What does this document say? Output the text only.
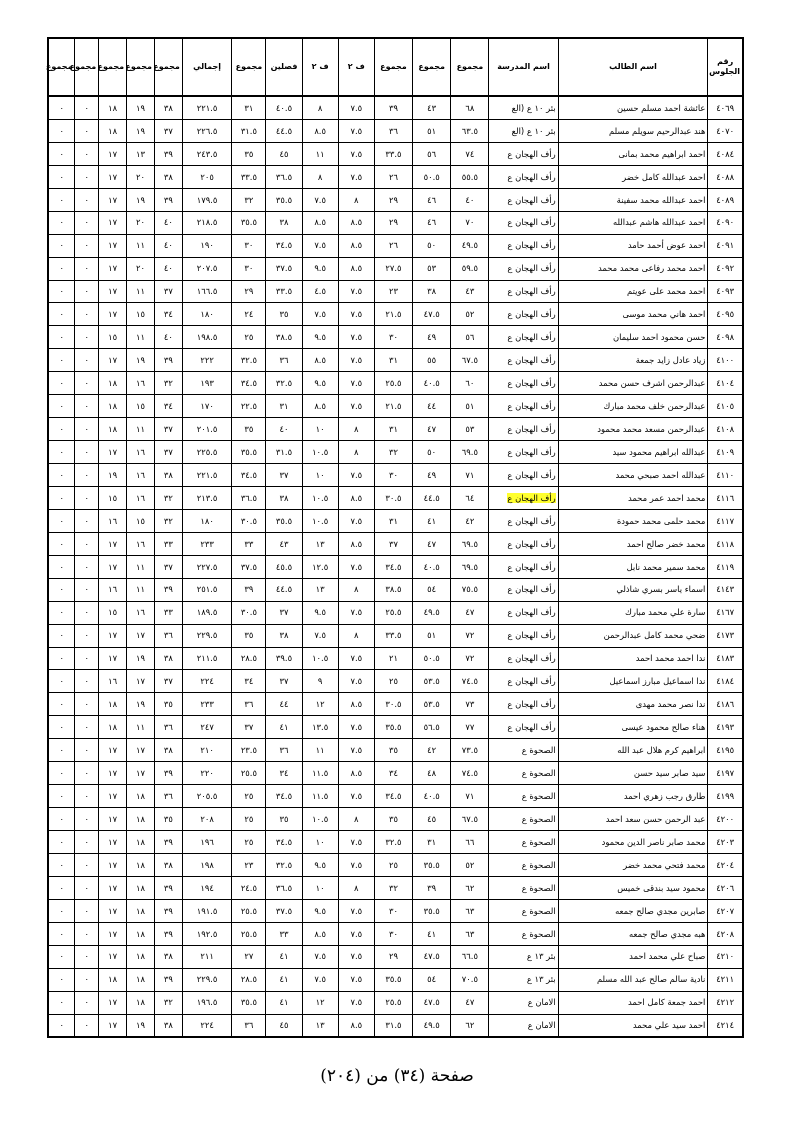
رقم الجلوس	اسم الطالب	اسم المدرسة	مجموع	مجموع	مجموع	ف ٢	ف ٢	فصلين	مجموع	إجمالي	مجموع	مجموع	مجموع	مجموع	مجموع
٤٠٦٩	عائشة احمد مسلم حسين	بئر ١٠ ع (الع	٦٨	٤٣	٣٩	٧.٥	٨	٤٠.٥	٣١	٢٢١.٥	٣٨	١٩	١٨	٠	٠
٤٠٧٠	هند عبدالرحيم سويلم مسلم	بئر ١٠ ع (الع	٦٣.٥	٥١	٣٦	٧.٥	٨.٥	٤٤.٥	٣١.٥	٢٢٦.٥	٣٧	١٩	١٨	٠	٠
٤٠٨٤	احمد ابراهيم محمد بمانى	رأف الهجان ع	٧٤	٥٦	٣٣.٥	٧.٥	١١	٤٥	٣٥	٢٤٣.٥	٣٩	١٣	١٧	٠	٠
٤٠٨٨	احمد عبدالله كامل خضر	رأف الهجان ع	٥٥.٥	٥٠.٥	٢٦	٧.٥	٨	٣٦.٥	٣٣.٥	٢٠٥	٣٨	٢٠	١٧	٠	٠
٤٠٨٩	احمد عبدالله محمد سفينة	رأف الهجان ع	٤٠	٤٦	٢٩	٨	٧.٥	٣٥.٥	٣٢	١٧٩.٥	٣٩	١٩	١٧	٠	٠
٤٠٩٠	احمد عبدالله هاشم عبدالله	رأف الهجان ع	٧٠	٤٦	٢٩	٨.٥	٨.٥	٣٨	٣٥.٥	٢١٨.٥	٤٠	٢٠	١٧	٠	٠
٤٠٩١	احمد عوض أحمد حامد	رأف الهجان ع	٤٩.٥	٥٠	٢٦	٨.٥	٧.٥	٣٤.٥	٣٠	١٩٠	٤٠	١١	١٧	٠	٠
٤٠٩٢	احمد محمد رفاعى محمد محمد	رأف الهجان ع	٥٩.٥	٥٣	٢٧.٥	٨.٥	٩.٥	٣٧.٥	٣٠	٢٠٧.٥	٤٠	٢٠	١٧	٠	٠
٤٠٩٣	احمد محمد على عويتم	رأف الهجان ع	٤٣	٣٨	٢٣	٧.٥	٤.٥	٣٣.٥	٢٩	١٦٦.٥	٣٧	١١	١٧	٠	٠
٤٠٩٥	احمد هاني محمد موسى	رأف الهجان ع	٥٢	٤٧.٥	٢١.٥	٧.٥	٧.٥	٣٥	٢٤	١٨٠	٣٤	١٥	١٧	٠	٠
٤٠٩٨	حسن محمود احمد سليمان	رأف الهجان ع	٥٦	٤٩	٣٠	٧.٥	٩.٥	٣٨.٥	٢٥	١٩٨.٥	٤٠	١١	١٥	٠	٠
٤١٠٠	زياد عادل زايد جمعة	رأف الهجان ع	٦٧.٥	٥٥	٣١	٧.٥	٨.٥	٣٦	٣٢.٥	٢٢٢	٣٩	١٩	١٧	٠	٠
٤١٠٤	عبدالرحمن اشرف حسن محمد	رأف الهجان ع	٦٠	٤٠.٥	٢٥.٥	٧.٥	٩.٥	٣٢.٥	٣٤.٥	١٩٣	٣٢	١٦	١٨	٠	٠
٤١٠٥	عبدالرحمن خلف محمد مبارك	رأف الهجان ع	٥١	٤٤	٢١.٥	٧.٥	٨.٥	٣١	٢٢.٥	١٧٠	٣٤	١٥	١٨	٠	٠
٤١٠٨	عبدالرحمن مسعد محمد محمود	رأف الهجان ع	٥٣	٤٧	٣١	٨	١٠	٤٠	٣٥	٢٠١.٥	٣٧	١١	١٨	٠	٠
٤١٠٩	عبدالله ابراهيم محمود سيد	رأف الهجان ع	٦٩.٥	٥٠	٣٢	٨	١٠.٥	٣١.٥	٣٥.٥	٢٢٥.٥	٣٧	١٦	١٧	٠	٠
٤١١٠	عبدالله احمد صبحي محمد	رأف الهجان ع	٧١	٤٩	٣٠	٧.٥	١٠	٣٧	٣٤.٥	٢٢١.٥	٣٨	١٦	١٩	٠	٠
٤١١٦	محمد احمد عمر محمد	رأف الهجان ع	٦٤	٤٤.٥	٣٠.٥	٨.٥	١٠.٥	٣٨	٣٦.٥	٢١٣.٥	٣٢	١٦	١٥	٠	٠
٤١١٧	محمد حلمى محمد حمودة	رأف الهجان ع	٤٢	٤١	٣١	٧.٥	١٠.٥	٣٥.٥	٣٠.٥	١٨٠	٣٢	١٥	١٦	٠	٠
٤١١٨	محمد خضر صالح احمد	رأف الهجان ع	٦٩.٥	٤٧	٣٧	٨.٥	١٣	٤٣	٣٣	٢٣٣	٣٣	١٦	١٧	٠	٠
٤١١٩	محمد سمير محمد نابل	رأف الهجان ع	٦٩.٥	٤٠.٥	٣٤.٥	٧.٥	١٢.٥	٤٥.٥	٣٧.٥	٢٢٧.٥	٣٧	١١	١٧	٠	٠
٤١٤٣	اسماء ياسر بسري شاذلي	رأف الهجان ع	٧٥.٥	٥٤	٣٨.٥	٨	١٣	٤٤.٥	٣٩	٢٥١.٥	٣٩	١١	١٦	٠	٠
٤١٦٧	سارة علي محمد مبارك	رأف الهجان ع	٤٧	٤٩.٥	٢٥.٥	٧.٥	٩.٥	٣٧	٣٠.٥	١٨٩.٥	٣٣	١٦	١٥	٠	٠
٤١٧٣	ضحي محمد كامل عبدالرحمن	رأف الهجان ع	٧٢	٥١	٣٣.٥	٨	٧.٥	٣٨	٣٥	٢٢٩.٥	٣٦	١٧	١٧	٠	٠
٤١٨٣	ندا احمد محمد احمد	رأف الهجان ع	٧٢	٥٠.٥	٢١	٧.٥	١٠.٥	٣٩.٥	٢٨.٥	٢١١.٥	٣٨	١٩	١٧	٠	٠
٤١٨٤	ندا اسماعيل مبارز اسماعيل	رأف الهجان ع	٧٤.٥	٥٣.٥	٢٥	٧.٥	٩	٣٧	٣٤	٢٢٤	٣٧	١٧	١٦	٠	٠
٤١٨٦	ندا نصر محمد مهدى	رأف الهجان ع	٧٣	٥٣.٥	٣٠.٥	٨.٥	١٢	٤٤	٣٦	٢٣٣	٣٥	١٩	١٨	٠	٠
٤١٩٣	هناء صالح محمود عيسى	رأف الهجان ع	٧٧	٥٦.٥	٣٥.٥	٧.٥	١٣.٥	٤١	٣٧	٢٤٧	٣٦	١١	١٨	٠	٠
٤١٩٥	ابراهيم كرم هلال عبد الله	الصحوة ع	٧٣.٥	٤٢	٣٥	٧.٥	١١	٣٦	٢٣.٥	٢١٠	٣٨	١٧	١٧	٠	٠
٤١٩٧	سيد صابر سيد حسن	الصحوة ع	٧٤.٥	٤٨	٣٤	٨.٥	١١.٥	٣٤	٢٥.٥	٢٢٠	٣٩	١٧	١٧	٠	٠
٤١٩٩	طارق رجب زهري احمد	الصحوة ع	٧١	٤٠.٥	٣٤.٥	٧.٥	١١.٥	٣٤.٥	٢٥	٢٠٥.٥	٣٦	١٨	١٧	٠	٠
٤٢٠٠	عبد الرحمن حسن سعد احمد	الصحوة ع	٦٧.٥	٤٥	٣٥	٨	١٠.٥	٣٥	٢٥	٢٠٨	٣٥	١٨	١٧	٠	٠
٤٢٠٣	محمد صابر ناصر الدين محمود	الصحوة ع	٦٦	٣١	٣٢.٥	٧.٥	١٠	٣٤.٥	٢٥	١٩٦	٣٩	١٨	١٧	٠	٠
٤٢٠٤	محمد فتحي محمد خضر	الصحوة ع	٥٢	٣٥.٥	٢٥	٧.٥	٩.٥	٣٢.٥	٢٣	١٩٨	٣٨	١٨	١٧	٠	٠
٤٢٠٦	محمود سيد بندقى خميس	الصحوة ع	٦٢	٣٩	٣٢	٨	١٠	٣٦.٥	٢٤.٥	١٩٤	٣٩	١٨	١٧	٠	٠
٤٢٠٧	صابرين مجدي صالح جمعه	الصحوة ع	٦٣	٣٥.٥	٣٠	٧.٥	٩.٥	٣٧.٥	٢٥.٥	١٩١.٥	٣٩	١٨	١٧	٠	٠
٤٢٠٨	هبه مجدي صالح جمعه	الصحوة ع	٦٣	٤١	٣٠	٧.٥	٨.٥	٣٣	٢٥.٥	١٩٢.٥	٣٩	١٨	١٧	٠	٠
٤٢١٠	صباح علي محمد احمد	بئر ١٣ ع	٦٦.٥	٤٧.٥	٢٩	٧.٥	٧.٥	٤١	٢٧	٢١١	٣٨	١٨	١٧	٠	٠
٤٢١١	نادية سالم صالح عبد الله مسلم	بئر ١٣ ع	٧٠.٥	٥٤	٣٥.٥	٧.٥	٧.٥	٤١	٢٨.٥	٢٢٩.٥	٣٩	١٨	١٨	٠	٠
٤٢١٢	احمد جمعة كامل احمد	الامان ع	٤٧	٤٧.٥	٢٥.٥	٧.٥	١٢	٤١	٣٥.٥	١٩٦.٥	٣٢	١٨	١٧	٠	٠
٤٢١٤	احمد سيد علي محمد	الامان ع	٦٢	٤٩.٥	٣١.٥	٨.٥	١٣	٤٥	٣٦	٢٢٤	٣٨	١٩	١٧	٠	٠
صفحة (٣٤) من (٢٠٤)
